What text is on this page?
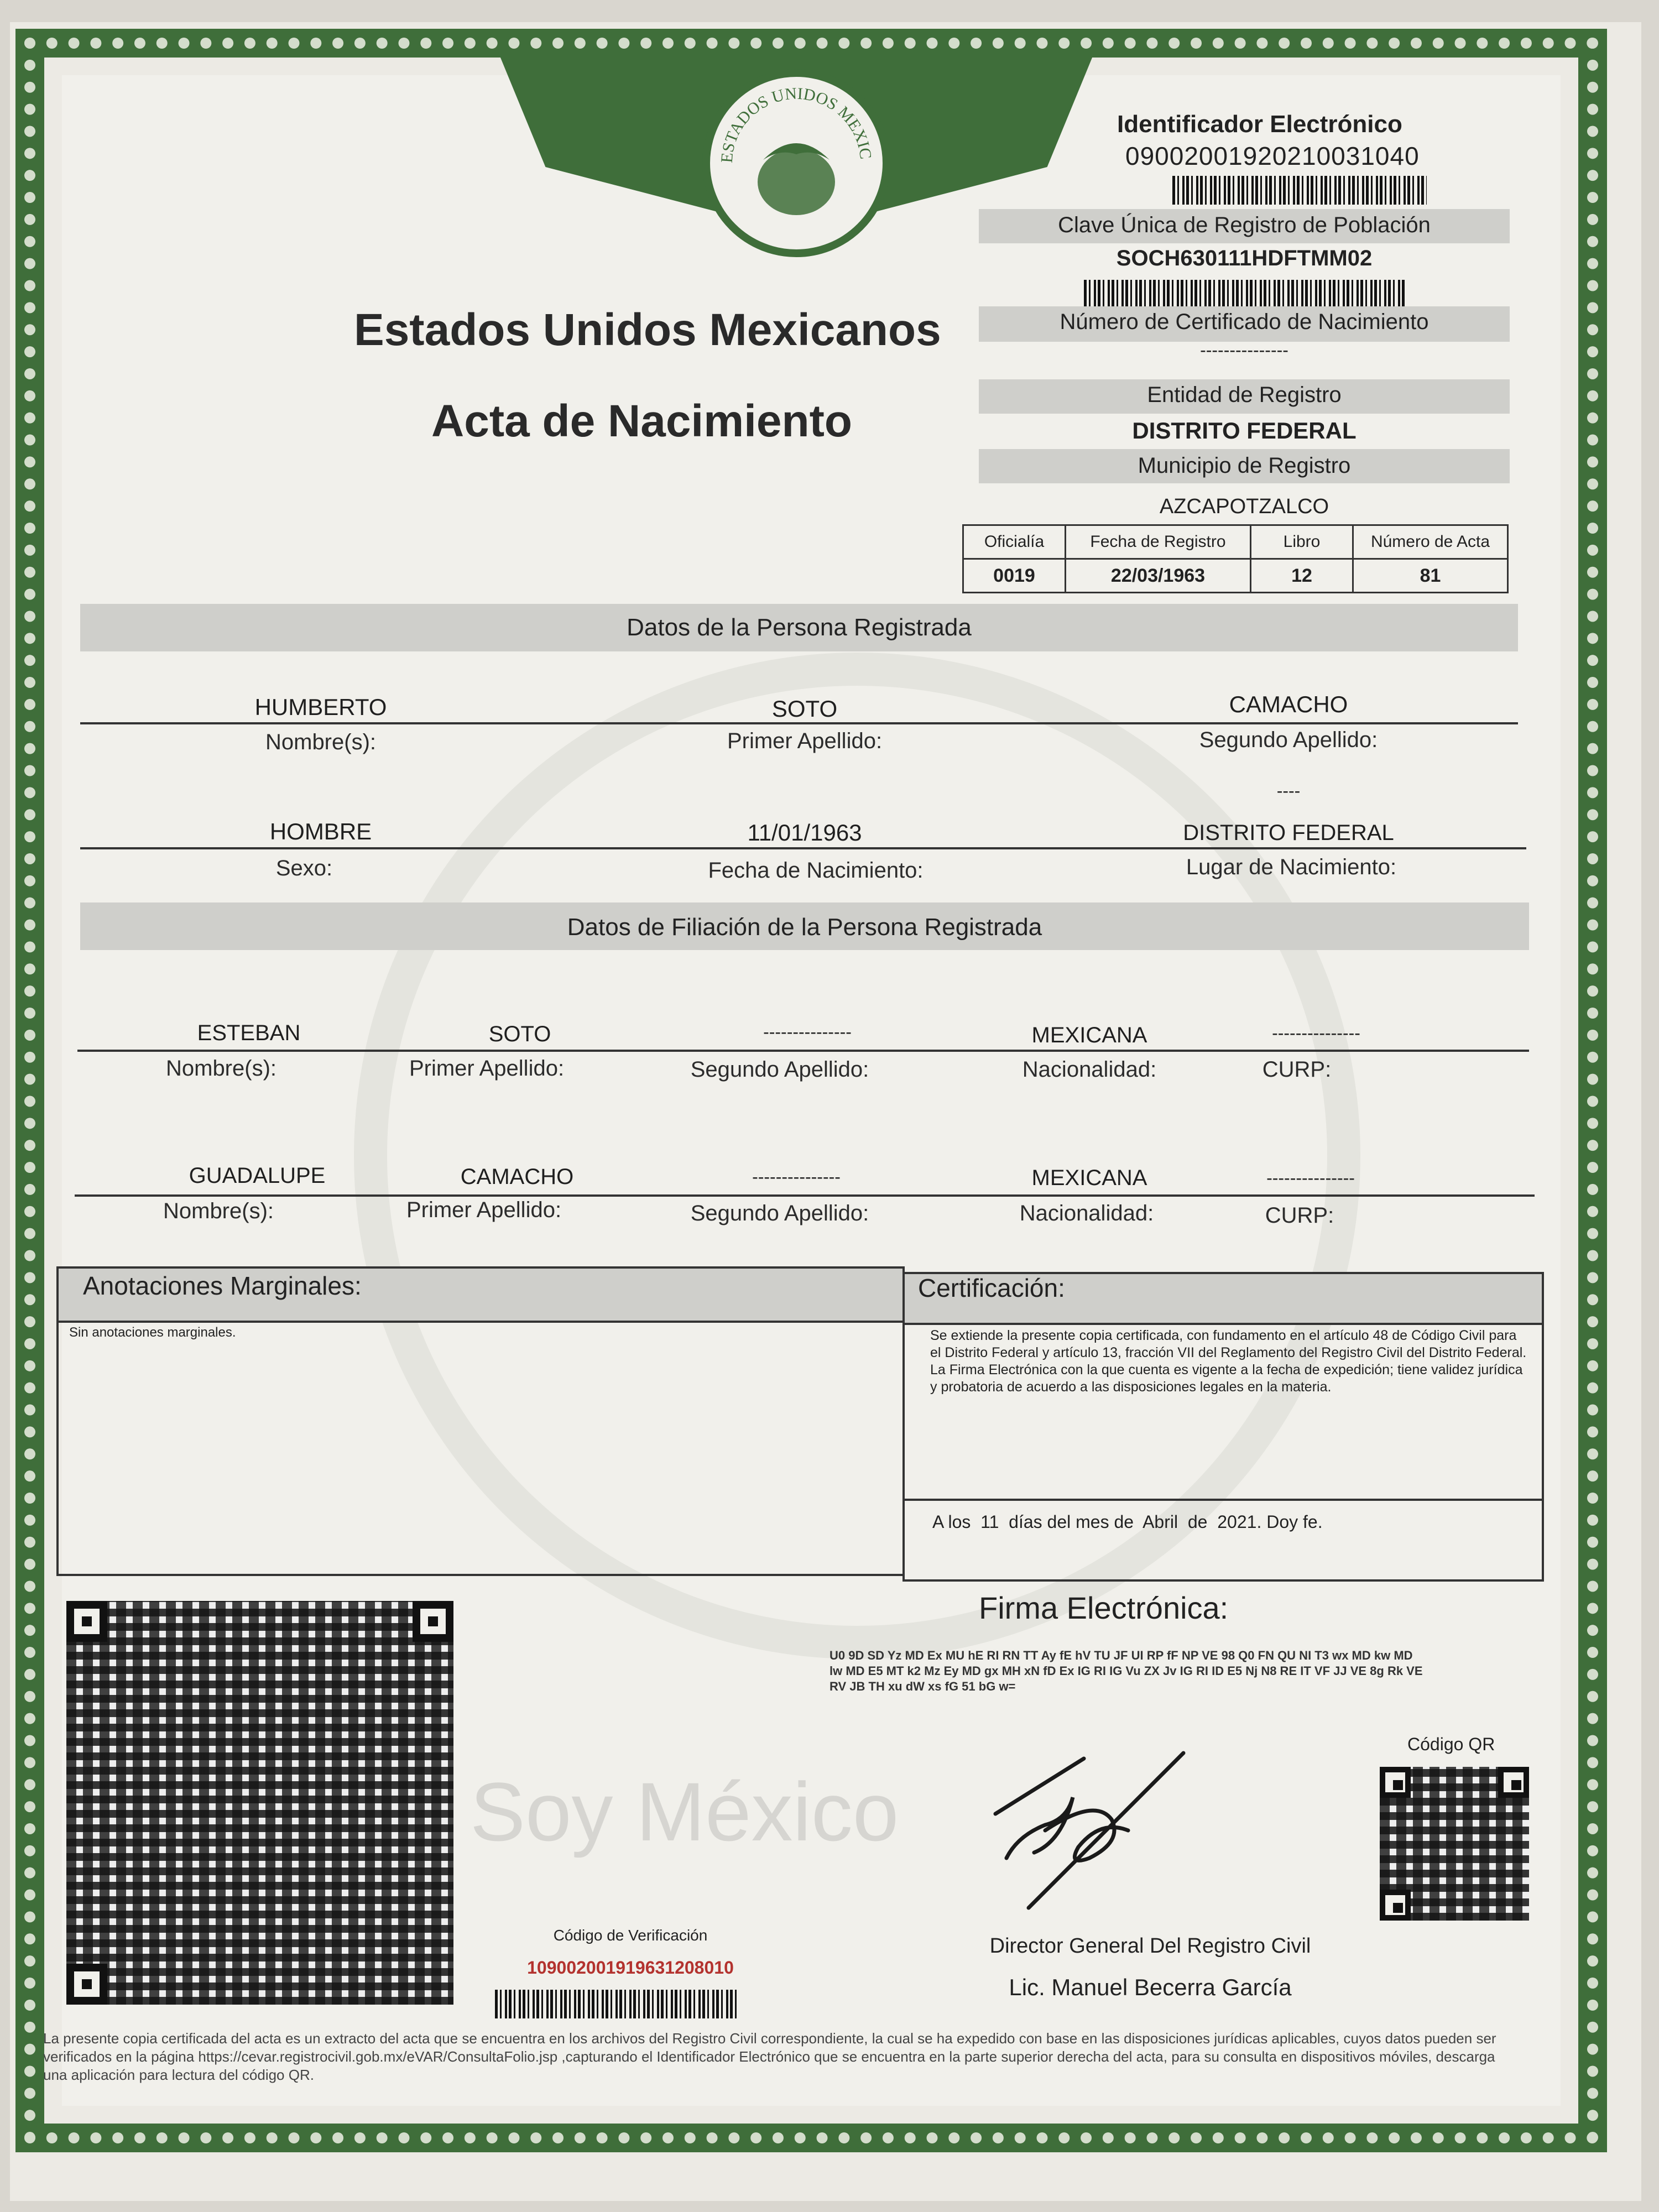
ESTADOS UNIDOS MEXIC
Soy México
Estados Unidos Mexicanos
Acta de Nacimiento
Identificador Electrónico
09002001920210031040
Clave Única de Registro de Población
SOCH630111HDFTMM02
Número de Certificado de Nacimiento
---------------
Entidad de Registro
DISTRITO FEDERAL
Municipio de Registro
AZCAPOTZALCO
Oficialía	Fecha de Registro	Libro	Número de Acta
0019	22/03/1963	12	81
Datos de la Persona Registrada
HUMBERTO	SOTO	CAMACHO
Nombre(s):	Primer Apellido:	Segundo Apellido:
----
HOMBRE	11/01/1963	DISTRITO FEDERAL
Sexo:	Fecha de Nacimiento:	Lugar de Nacimiento:
Datos de Filiación de la Persona Registrada
ESTEBAN	SOTO	---------------	MEXICANA	---------------
Nombre(s):	Primer Apellido:	Segundo Apellido:	Nacionalidad:	CURP:
GUADALUPE	CAMACHO	---------------	MEXICANA	---------------
Nombre(s):	Primer Apellido:	Segundo Apellido:	Nacionalidad:	CURP:
Anotaciones Marginales:
Sin anotaciones marginales.
Certificación:
Se extiende la presente copia certificada, con fundamento en el artículo 48 de Código Civil para el Distrito Federal y artículo 13, fracción VII del Reglamento del Registro Civil del Distrito Federal. La Firma Electrónica con la que cuenta es vigente a la fecha de expedición; tiene validez jurídica y probatoria de acuerdo a las disposiciones legales en la materia.
A los  11  días del mes de  Abril  de  2021. Doy fe.
Código de Verificación
109002001919631208010
Firma Electrónica:
U0 9D SD Yz MD Ex MU hE RI RN TT Ay fE hV TU JF UI RP fF NP VE 98 Q0 FN QU NI T3 wx MD kw MD lw MD E5 MT k2 Mz Ey MD gx MH xN fD Ex IG RI IG Vu ZX Jv IG RI ID E5 Nj N8 RE IT VF JJ VE 8g Rk VE RV JB TH xu dW xs fG 51 bG w=
Código QR
Director General Del Registro Civil
Lic. Manuel Becerra García
La presente copia certificada del acta es un extracto del acta que se encuentra en los archivos del Registro Civil correspondiente, la cual se ha expedido con base en las disposiciones jurídicas aplicables, cuyos datos pueden ser verificados en la página https://cevar.registrocivil.gob.mx/eVAR/ConsultaFolio.jsp ,capturando el Identificador Electrónico que se encuentra en la parte superior derecha del acta, para su consulta en dispositivos móviles, descarga una aplicación para lectura del código QR.
